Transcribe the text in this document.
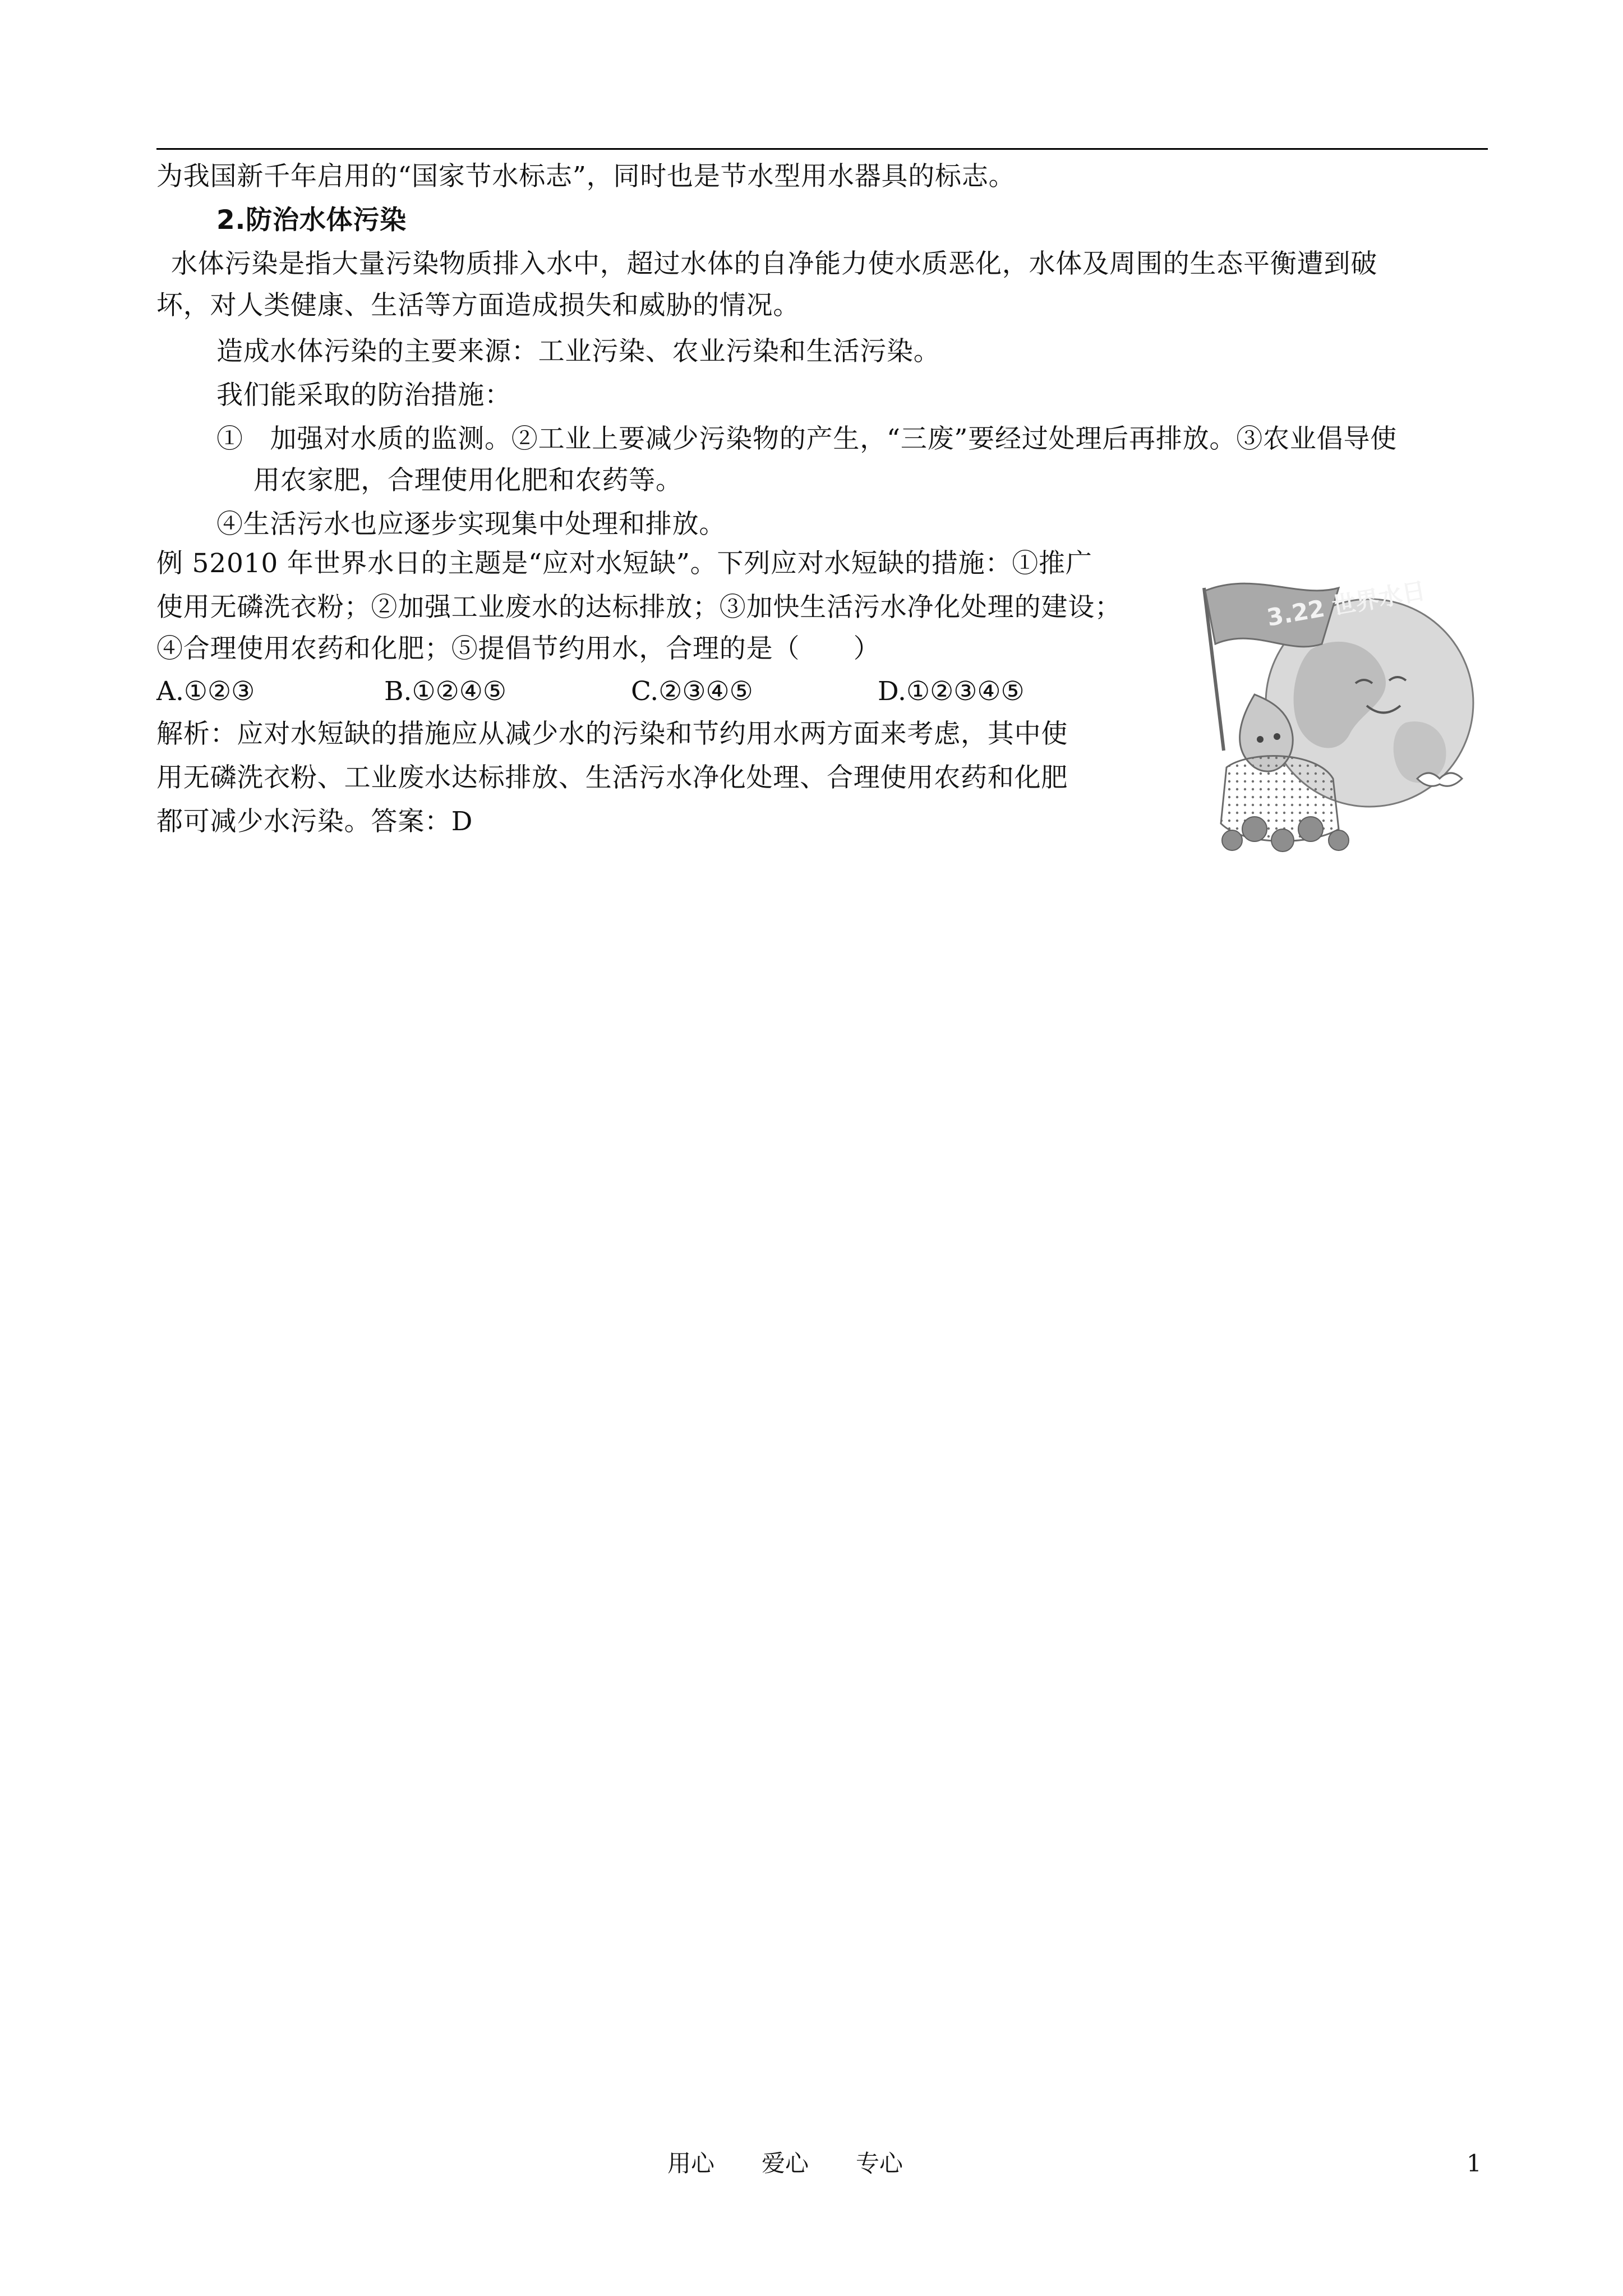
为我国新千年启用的“国家节水标志”，同时也是节水型用水器具的标志。
2.防治水体污染
水体污染是指大量污染物质排入水中，超过水体的自净能力使水质恶化，水体及周围的生态平衡遭到破
坏，对人类健康、生活等方面造成损失和威胁的情况。
造成水体污染的主要来源：工业污染、农业污染和生活污染。
我们能采取的防治措施：
①　加强对水质的监测。②工业上要减少污染物的产生，“三废”要经过处理后再排放。③农业倡导使
用农家肥，合理使用化肥和农药等。
④生活污水也应逐步实现集中处理和排放。
例 52010 年世界水日的主题是“应对水短缺”。下列应对水短缺的措施：①推广
使用无磷洗衣粉；②加强工业废水的达标排放；③加快生活污水净化处理的建设；
④合理使用农药和化肥；⑤提倡节约用水，合理的是（　　）
A.①②③	B.①②④⑤	C.②③④⑤	D.①②③④⑤
解析：应对水短缺的措施应从减少水的污染和节约用水两方面来考虑，其中使
用无磷洗衣粉、工业废水达标排放、生活污水净化处理、合理使用农药和化肥
都可减少水污染。答案：D
3.22 世界水日
用心　　爱心　　专心	1
